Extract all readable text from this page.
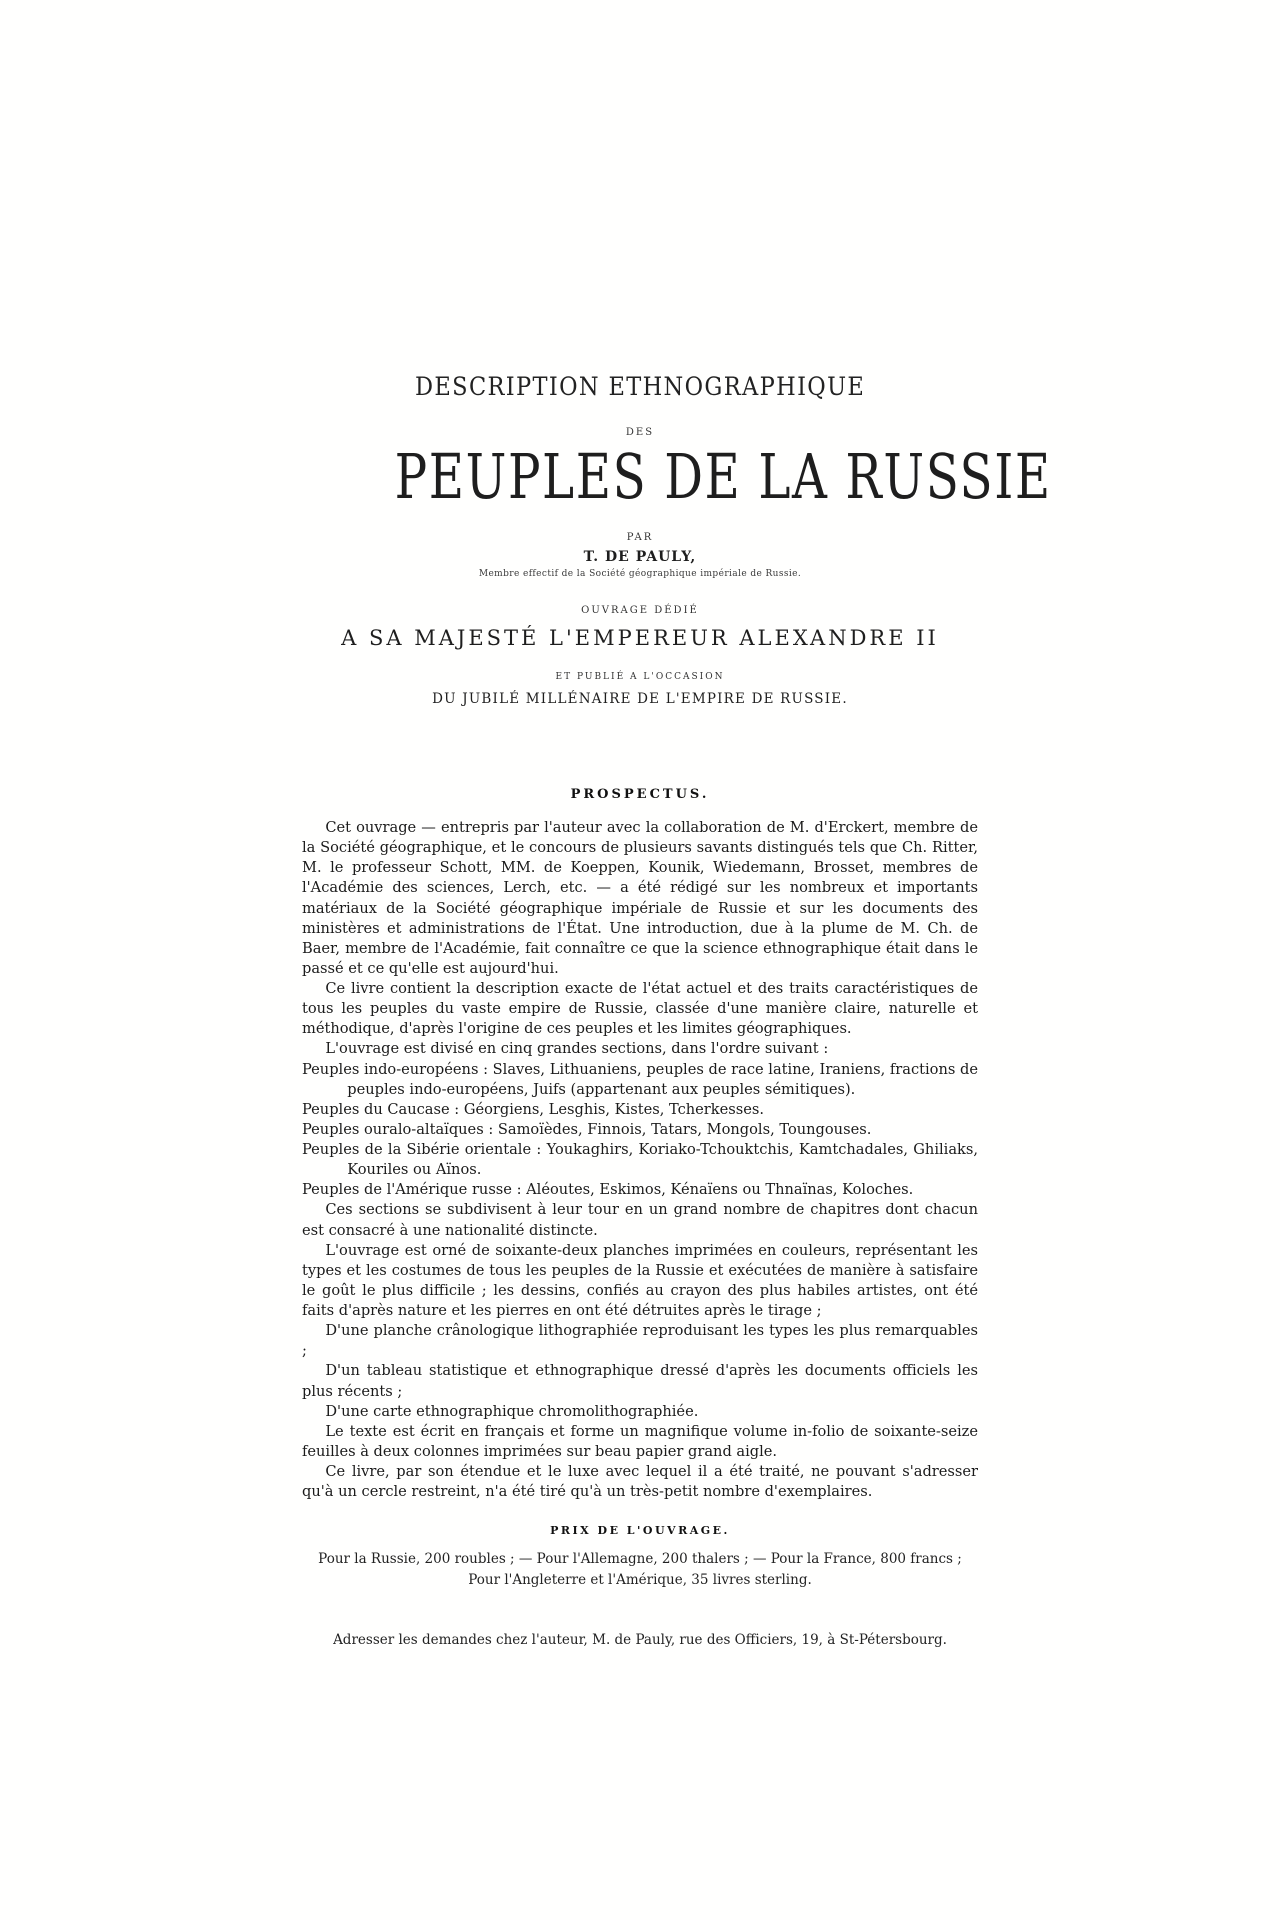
DESCRIPTION ETHNOGRAPHIQUE
DES
PEUPLES DE LA RUSSIE
PAR
T. DE PAULY,
Membre effectif de la Société géographique impériale de Russie.
OUVRAGE DÉDIÉ
A SA MAJESTÉ L'EMPEREUR ALEXANDRE II
ET PUBLIÉ A L'OCCASION
DU JUBILÉ MILLÉNAIRE DE L'EMPIRE DE RUSSIE.
PROSPECTUS.

Cet ouvrage — entrepris par l'auteur avec la collaboration de M. d'Erckert, membre de la Société géographique, et le concours de plusieurs savants distingués tels que Ch. Ritter, M. le professeur Schott, MM. de Koeppen, Kounik, Wiedemann, Brosset, membres de l'Académie des sciences, Lerch, etc. — a été rédigé sur les nombreux et importants matériaux de la Société géographique impériale de Russie et sur les documents des ministères et administrations de l'État. Une introduction, due à la plume de M. Ch. de Baer, membre de l'Académie, fait connaître ce que la science ethnographique était dans le passé et ce qu'elle est aujourd'hui.

Ce livre contient la description exacte de l'état actuel et des traits caractéristiques de tous les peuples du vaste empire de Russie, classée d'une manière claire, naturelle et méthodique, d'après l'origine de ces peuples et les limites géographiques.

L'ouvrage est divisé en cinq grandes sections, dans l'ordre suivant :

Peuples indo-européens : Slaves, Lithuaniens, peuples de race latine, Iraniens, fractions de peuples indo-européens, Juifs (appartenant aux peuples sémitiques).

Peuples du Caucase : Géorgiens, Lesghis, Kistes, Tcherkesses.

Peuples ouralo-altaïques : Samoïèdes, Finnois, Tatars, Mongols, Toungouses.

Peuples de la Sibérie orientale : Youkaghirs, Koriako-Tchouktchis, Kamtchadales, Ghiliaks, Kouriles ou Aïnos.

Peuples de l'Amérique russe : Aléoutes, Eskimos, Kénaïens ou Thnaïnas, Koloches.

Ces sections se subdivisent à leur tour en un grand nombre de chapitres dont chacun est consacré à une nationalité distincte.

L'ouvrage est orné de soixante-deux planches imprimées en couleurs, représentant les types et les costumes de tous les peuples de la Russie et exécutées de manière à satisfaire le goût le plus difficile ; les dessins, confiés au crayon des plus habiles artistes, ont été faits d'après nature et les pierres en ont été détruites après le tirage ;

D'une planche crânologique lithographiée reproduisant les types les plus remarquables ;

D'un tableau statistique et ethnographique dressé d'après les documents officiels les plus récents ;

D'une carte ethnographique chromolithographiée.

Le texte est écrit en français et forme un magnifique volume in-folio de soixante-seize feuilles à deux colonnes imprimées sur beau papier grand aigle.

Ce livre, par son étendue et le luxe avec lequel il a été traité, ne pouvant s'adresser qu'à un cercle restreint, n'a été tiré qu'à un très-petit nombre d'exemplaires.

PRIX DE L'OUVRAGE.
Pour la Russie, 200 roubles ; — Pour l'Allemagne, 200 thalers ; — Pour la France, 800 francs ;
Pour l'Angleterre et l'Amérique, 35 livres sterling.
Adresser les demandes chez l'auteur, M. de Pauly, rue des Officiers, 19, à St-Pétersbourg.
